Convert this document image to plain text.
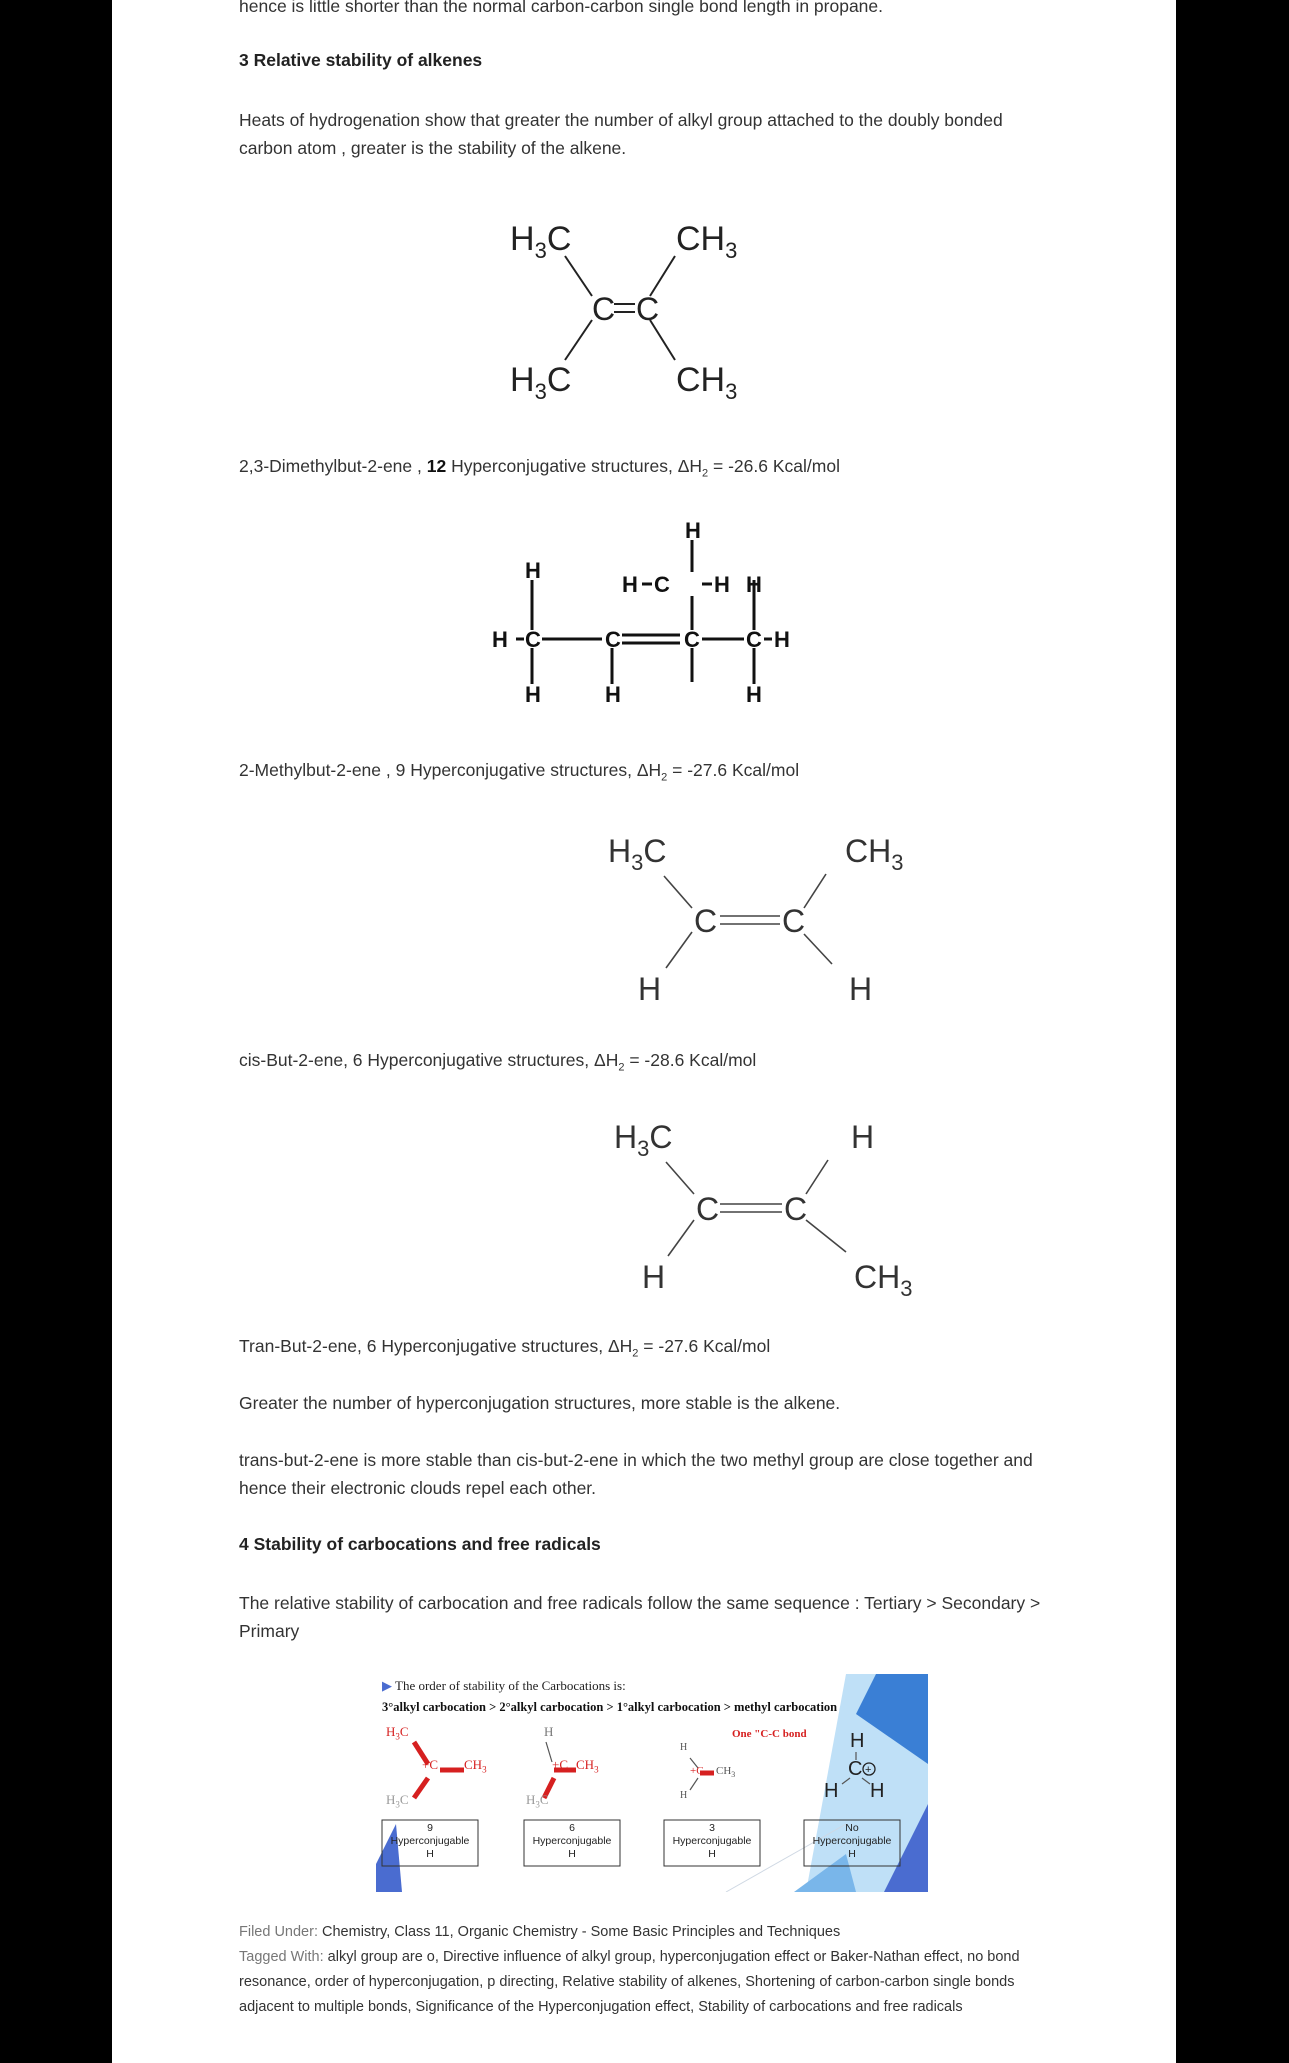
hence is little shorter than the normal carbon-carbon single bond length in propane.

3 Relative stability of alkenes

Heats of hydrogenation show that greater the number of alkyl group attached to the doubly bonded carbon atom , greater is the stability of the alkene.

$H_3C$	$CH_3$
CH3
$H_3C$	$CH_3$
C C

2,3-Dimethylbut-2-ene , 12 Hyperconjugative structures, $\Delta H_2 = -26.6$ Kcal/mol

H
H C H H
H
H C	C	C C H
H	H	H

2-Methylbut-2-ene , 9 Hyperconjugative structures, $\Delta H_2 = -27.6$ Kcal/mol

$H_3C$	$CH_3$
C C
H	H

cis-But-2-ene, 6 Hyperconjugative structures, $\Delta H_2 = -28.6$ Kcal/mol

$H_3C$	H
C C
H	$CH_3$

Tran-But-2-ene, 6 Hyperconjugative structures, $\Delta H_2 = -27.6$ Kcal/mol

Greater the number of hyperconjugation structures, more stable is the alkene.

trans-but-2-ene is more stable than cis-but-2-ene in which the two methyl group are close together and hence their electronic clouds repel each other.

4 Stability of carbocations and free radicals

The relative stability of carbocation and free radicals follow the same sequence : Tertiary > Secondary > Primary

+
▶ The order of stability of the Carbocations is:
3°alkyl carbocation > 2°alkyl carbocation > 1°alkyl carbocation > methyl carbocation
$H_3C$
+C $CH_3$
$H_3C$
H
+C $CH_3$
$H_3C$
One "C-C bond
H
+C $CH_3$
H
H
C
H H
9
Hyperconjugable
H
6
Hyperconjugable
H
3
Hyperconjugable
H
No
Hyperconjugable
H
Filed Under: Chemistry, Class 11, Organic Chemistry - Some Basic Principles and Techniques
Tagged With: alkyl group are o, Directive influence of alkyl group, hyperconjugation effect or Baker-Nathan effect, no bond resonance, order of hyperconjugation, p directing, Relative stability of alkenes, Shortening of carbon-carbon single bonds adjacent to multiple bonds, Significance of the Hyperconjugation effect, Stability of carbocations and free radicals
